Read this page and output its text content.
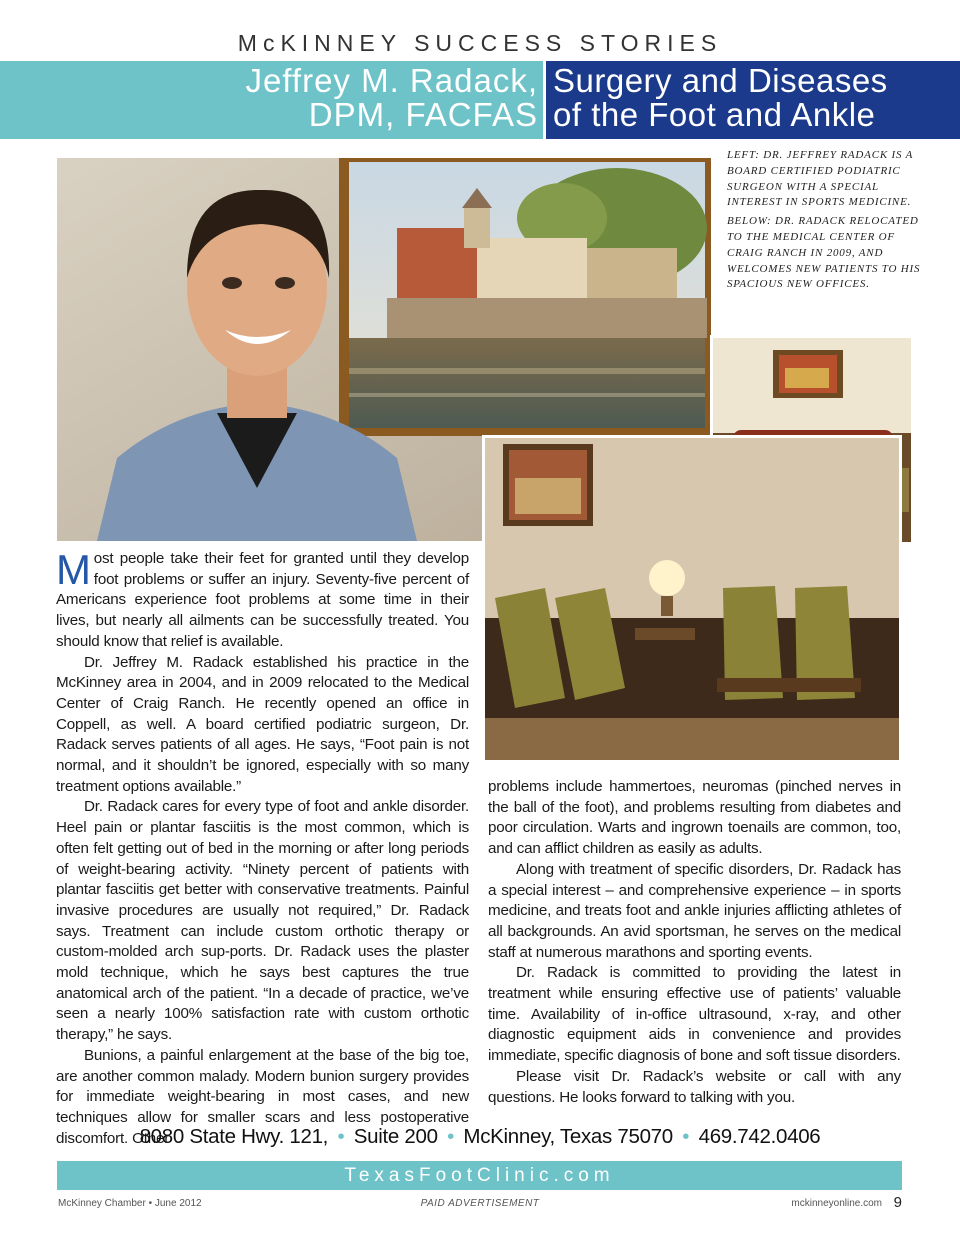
McKINNEY SUCCESS STORIES
Jeffrey M. Radack,
DPM, FACFAS
Surgery and Diseases
of the Foot and Ankle

LEFT: DR. JEFFREY RADACK IS A BOARD CERTIFIED PODIATRIC SURGEON WITH A SPECIAL INTEREST IN SPORTS MEDICINE.

BELOW: DR. RADACK RELOCATED TO THE MEDICAL CENTER OF CRAIG RANCH IN 2009, AND WELCOMES NEW PATIENTS TO HIS SPACIOUS NEW OFFICES.

Most people take their feet for granted until they develop foot problems or suffer an injury. Seventy-five percent of Americans experience foot problems at some time in their lives, but nearly all ailments can be successfully treated. You should know that relief is available.

Dr. Jeffrey M. Radack established his practice in the McKinney area in 2004, and in 2009 relocated to the Medical Center of Craig Ranch. He recently opened an office in Coppell, as well. A board certified podiatric surgeon, Dr. Radack serves patients of all ages. He says, “Foot pain is not normal, and it shouldn’t be ignored, especially with so many treatment options available.”

Dr. Radack cares for every type of foot and ankle disorder. Heel pain or plantar fasciitis is the most common, which is often felt getting out of bed in the morning or after long periods of weight-bearing activity. “Ninety percent of patients with plantar fasciitis get better with conservative treatments. Painful invasive procedures are usually not required,” Dr. Radack says. Treatment can include custom orthotic therapy or custom-molded arch sup-ports. Dr. Radack uses the plaster mold technique, which he says best captures the true anatomical arch of the patient. “In a decade of practice, we’ve seen a nearly 100% satisfaction rate with custom orthotic therapy,” he says.

Bunions, a painful enlargement at the base of the big toe, are another common malady. Modern bunion surgery provides for immediate weight-bearing in most cases, and new techniques allow for smaller scars and less postoperative discomfort. Other

problems include hammertoes, neuromas (pinched nerves in the ball of the foot), and problems resulting from diabetes and poor circulation. Warts and ingrown toenails are common, too, and can afflict children as easily as adults.

Along with treatment of specific disorders, Dr. Radack has a special interest – and comprehensive experience – in sports medicine, and treats foot and ankle injuries afflicting athletes of all backgrounds. An avid sportsman, he serves on the medical staff at numerous marathons and sporting events.

Dr. Radack is committed to providing the latest in treatment while ensuring effective use of patients’ valuable time. Availability of in-office ultrasound, x-ray, and other diagnostic equipment aids in convenience and provides immediate, specific diagnosis of bone and soft tissue disorders.

Please visit Dr. Radack’s website or call with any questions. He looks forward to talking with you.

8080 State Hwy. 121, • Suite 200 • McKinney, Texas 75070 • 469.742.0406
TexasFootClinic.com
McKinney Chamber • June 2012	PAID ADVERTISEMENT	mckinneyonline.com 9
